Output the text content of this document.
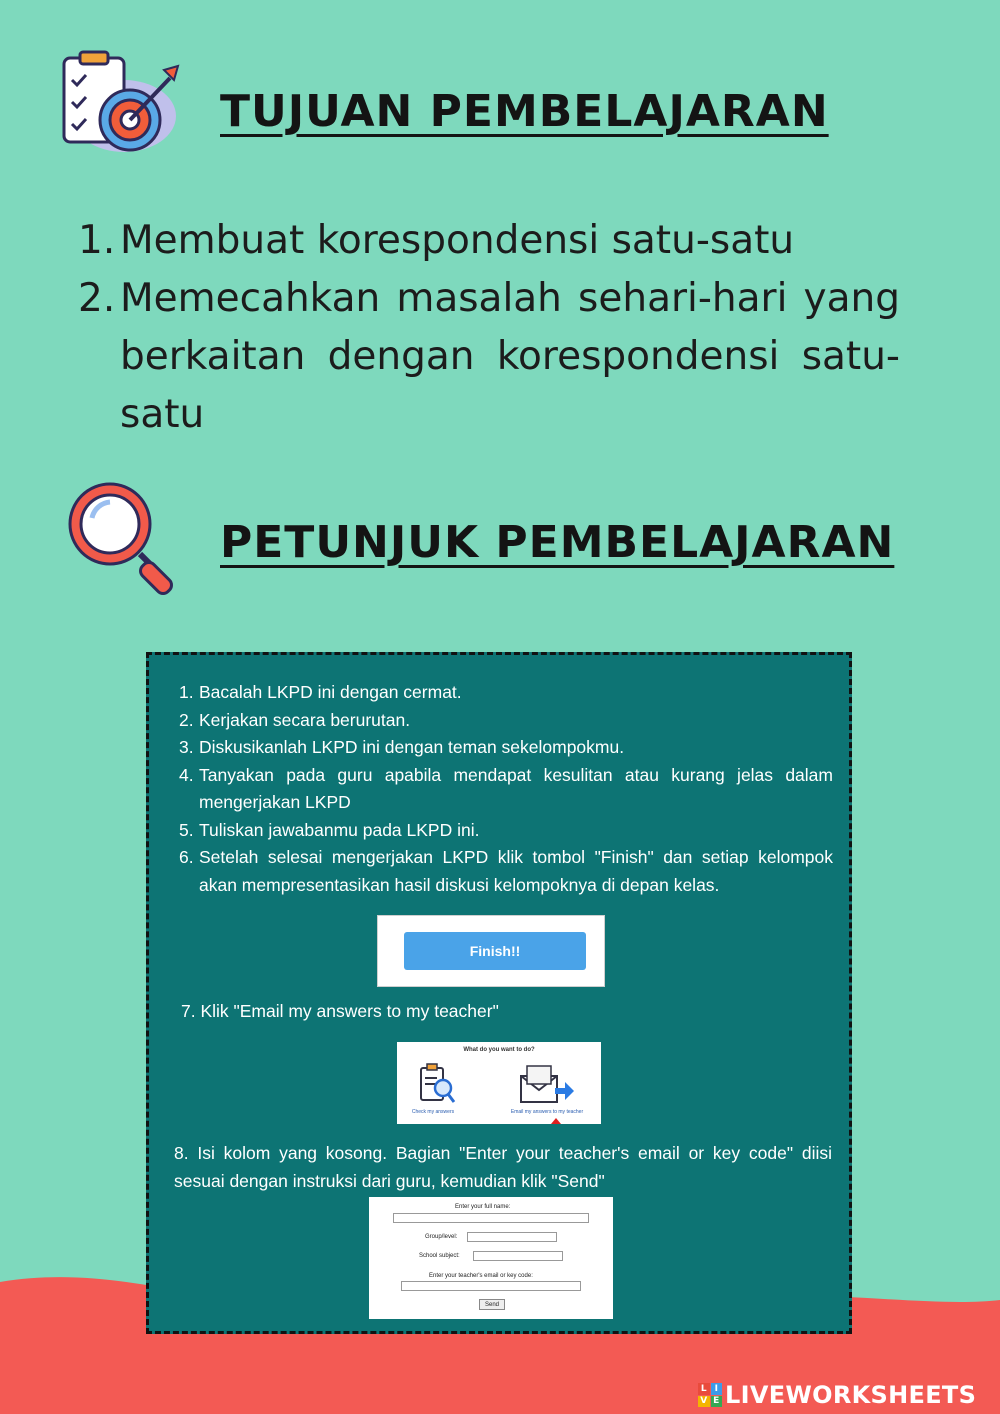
TUJUAN PEMBELAJARAN
1. Membuat korespondensi satu-satu
2. Memecahkan masalah sehari-hari yang berkaitan dengan korespondensi satu-satu
PETUNJUK PEMBELAJARAN
1. Bacalah LKPD ini dengan cermat.
2. Kerjakan secara berurutan.
3. Diskusikanlah LKPD ini dengan teman sekelompokmu.
4. Tanyakan pada guru apabila mendapat kesulitan atau kurang jelas dalam mengerjakan LKPD
5. Tuliskan jawabanmu pada LKPD ini.
6. Setelah selesai mengerjakan LKPD klik tombol "Finish" dan setiap kelompok akan mempresentasikan hasil diskusi kelompoknya di depan kelas.
Finish!!
7. Klik "Email my answers to my teacher"
What do you want to do?
Check my answers	Email my answers to my teacher
8. Isi kolom yang kosong. Bagian "Enter your teacher's email or key code" diisi sesuai dengan instruksi dari guru, kemudian klik "Send"
Enter your full name:
Group/level:
School subject:
Enter your teacher's email or key code:
Send
L I
V E LIVEWORKSHEETS
